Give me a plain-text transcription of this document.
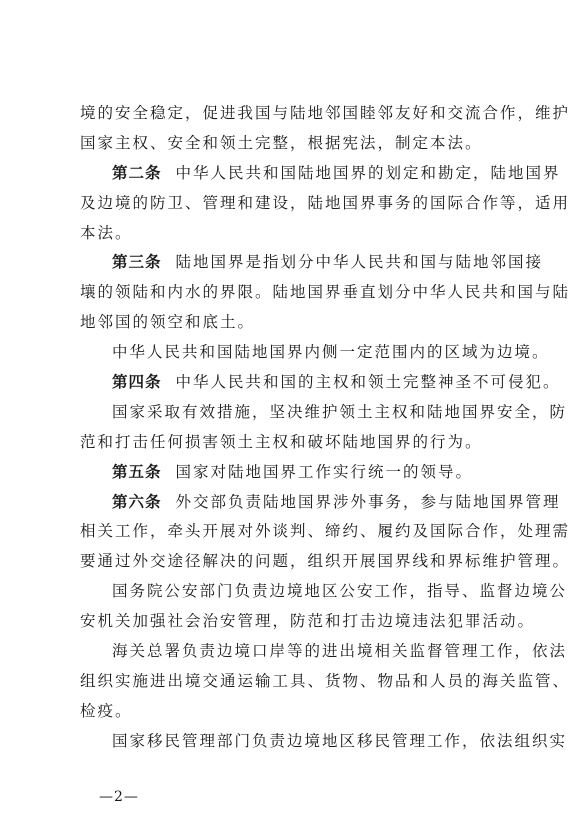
境的安全稳定，促进我国与陆地邻国睦邻友好和交流合作，维护
国家主权、安全和领土完整，根据宪法，制定本法。
第二条 中华人民共和国陆地国界的划定和勘定，陆地国界
及边境的防卫、管理和建设，陆地国界事务的国际合作等，适用
本法。
第三条 陆地国界是指划分中华人民共和国与陆地邻国接
壤的领陆和内水的界限。陆地国界垂直划分中华人民共和国与陆
地邻国的领空和底土。
中华人民共和国陆地国界内侧一定范围内的区域为边境。
第四条 中华人民共和国的主权和领土完整神圣不可侵犯。
国家采取有效措施，坚决维护领土主权和陆地国界安全，防
范和打击任何损害领土主权和破坏陆地国界的行为。
第五条 国家对陆地国界工作实行统一的领导。
第六条 外交部负责陆地国界涉外事务，参与陆地国界管理
相关工作，牵头开展对外谈判、缔约、履约及国际合作，处理需
要通过外交途径解决的问题，组织开展国界线和界标维护管理。
国务院公安部门负责边境地区公安工作，指导、监督边境公
安机关加强社会治安管理，防范和打击边境违法犯罪活动。
海关总署负责边境口岸等的进出境相关监督管理工作，依法
组织实施进出境交通运输工具、货物、物品和人员的海关监管、
检疫。
国家移民管理部门负责边境地区移民管理工作，依法组织实
—2—
